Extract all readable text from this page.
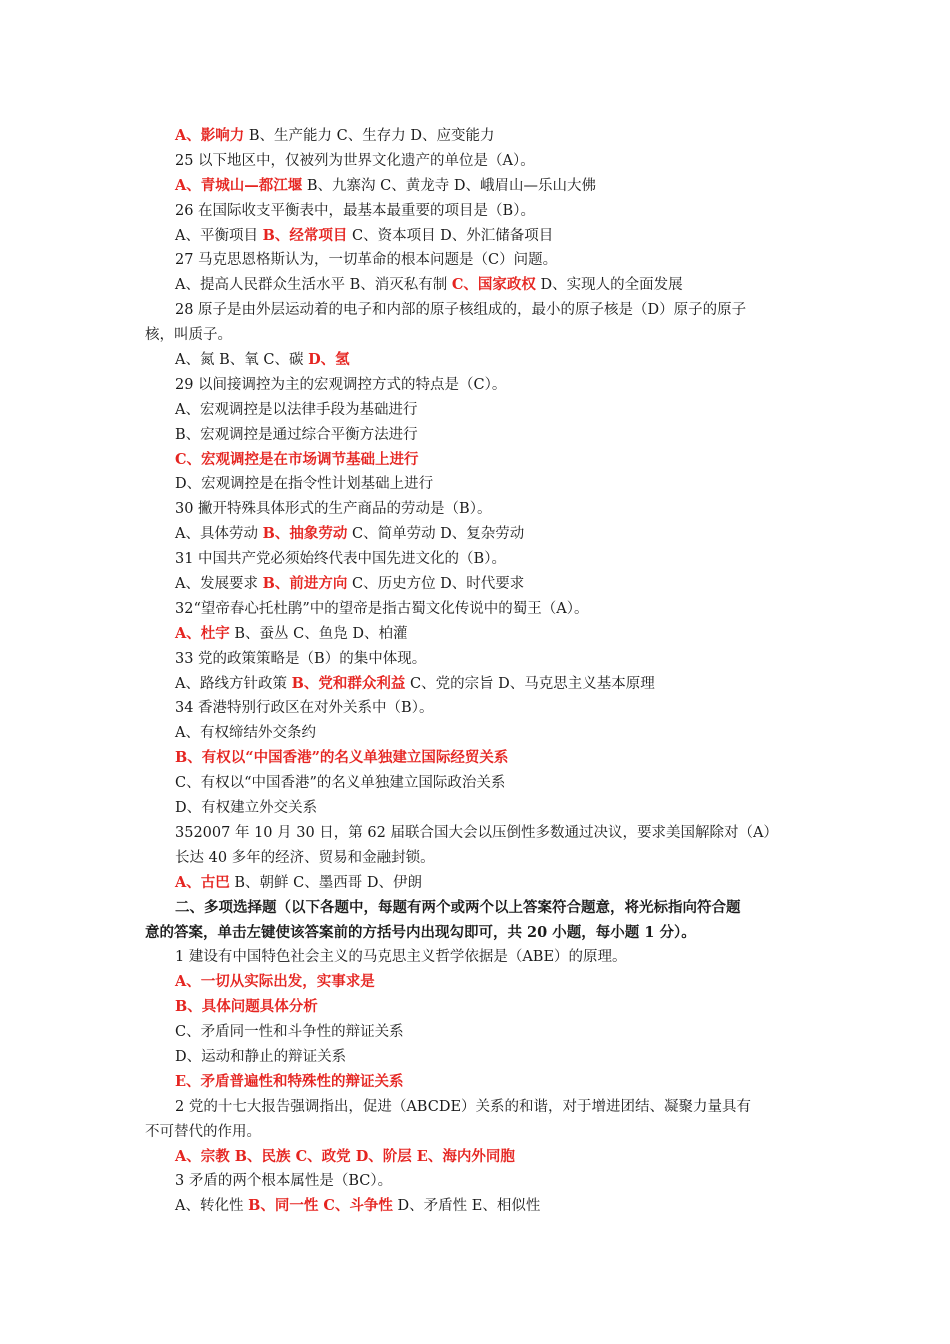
A、影响力 B、生产能力 C、生存力 D、应变能力
25 以下地区中，仅被列为世界文化遗产的单位是（A）。
A、青城山—都江堰 B、九寨沟 C、黄龙寺 D、峨眉山—乐山大佛
26 在国际收支平衡表中，最基本最重要的项目是（B）。
A、平衡项目 B、经常项目 C、资本项目 D、外汇储备项目
27 马克思恩格斯认为，一切革命的根本问题是（C）问题。
A、提高人民群众生活水平 B、消灭私有制 C、国家政权 D、实现人的全面发展
28 原子是由外层运动着的电子和内部的原子核组成的，最小的原子核是（D）原子的原子
核，叫质子。
A、氮 B、氧 C、碳 D、氢
29 以间接调控为主的宏观调控方式的特点是（C）。
A、宏观调控是以法律手段为基础进行
B、宏观调控是通过综合平衡方法进行
C、宏观调控是在市场调节基础上进行
D、宏观调控是在指令性计划基础上进行
30 撇开特殊具体形式的生产商品的劳动是（B）。
A、具体劳动 B、抽象劳动 C、简单劳动 D、复杂劳动
31 中国共产党必须始终代表中国先进文化的（B）。
A、发展要求 B、前进方向 C、历史方位 D、时代要求
32“望帝春心托杜鹃”中的望帝是指古蜀文化传说中的蜀王（A）。
A、杜宇 B、蚕丛 C、鱼凫 D、柏灌
33 党的政策策略是（B）的集中体现。
A、路线方针政策 B、党和群众利益 C、党的宗旨 D、马克思主义基本原理
34 香港特别行政区在对外关系中（B）。
A、有权缔结外交条约
B、有权以“中国香港”的名义单独建立国际经贸关系
C、有权以“中国香港”的名义单独建立国际政治关系
D、有权建立外交关系
352007 年 10 月 30 日，第 62 届联合国大会以压倒性多数通过决议，要求美国解除对（A）
长达 40 多年的经济、贸易和金融封锁。
A、古巴 B、朝鲜 C、墨西哥 D、伊朗
二、多项选择题（以下各题中，每题有两个或两个以上答案符合题意，将光标指向符合题
意的答案，单击左键使该答案前的方括号内出现勾即可，共 20 小题，每小题 1 分）。
1 建设有中国特色社会主义的马克思主义哲学依据是（ABE）的原理。
A、一切从实际出发，实事求是
B、具体问题具体分析
C、矛盾同一性和斗争性的辩证关系
D、运动和静止的辩证关系
E、矛盾普遍性和特殊性的辩证关系
2 党的十七大报告强调指出，促进（ABCDE）关系的和谐，对于增进团结、凝聚力量具有
不可替代的作用。
A、宗教 B、民族 C、政党 D、阶层 E、海内外同胞
3 矛盾的两个根本属性是（BC）。
A、转化性 B、同一性 C、斗争性 D、矛盾性 E、相似性
